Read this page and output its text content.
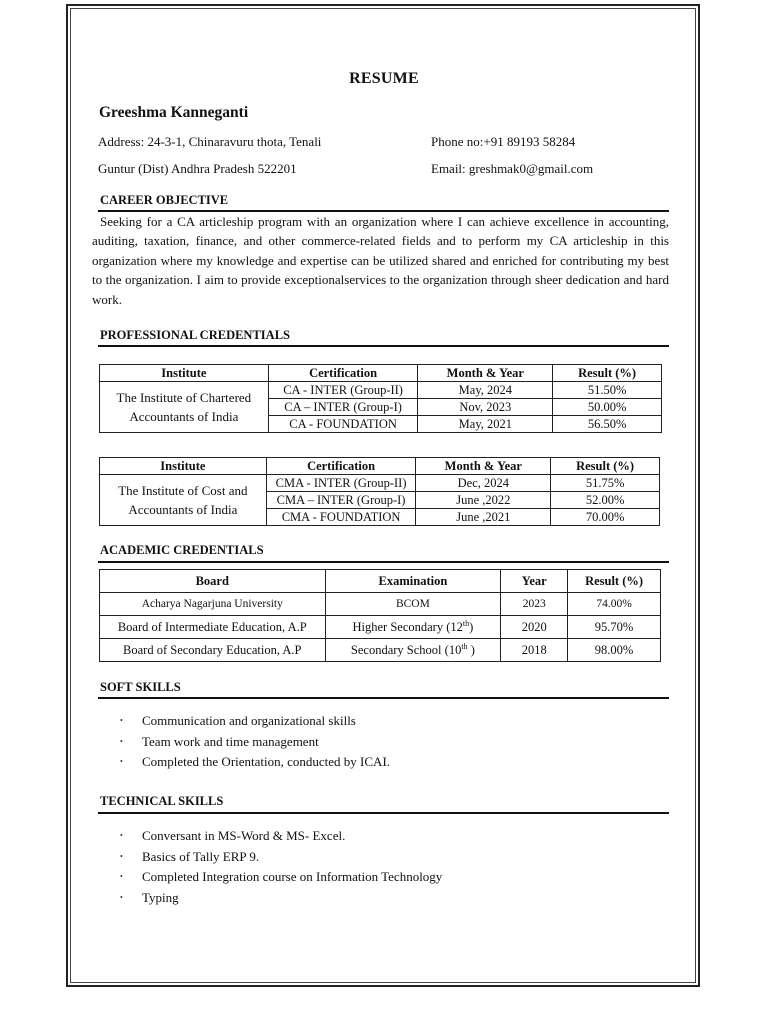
RESUME
Greeshma Kanneganti
Address: 24-3-1, Chinaravuru thota, Tenali
Guntur (Dist) Andhra Pradesh 522201
Phone no:+91 89193 58284
Email: greshmak0@gmail.com
CAREER OBJECTIVE
Seeking for a CA articleship program with an organization where I can achieve excellence in accounting, auditing, taxation, finance, and other commerce-related fields and to perform my CA articleship in this organization where my knowledge and expertise can be utilized shared and enriched for contributing my best to the organization. I aim to provide exceptionalservices to the organization through sheer dedication and hard work.
PROFESSIONAL CREDENTIALS
Institute	Certification	Month & Year	Result (%)
The Institute of Chartered
Accountants of India	CA - INTER (Group-II)	May, 2024	51.50%
	CA – INTER (Group-I)	Nov, 2023	50.00%
	CA - FOUNDATION	May, 2021	56.50%
Institute	Certification	Month & Year	Result (%)
The Institute of Cost and
Accountants of India	CMA - INTER (Group-II)	Dec, 2024	51.75%
	CMA – INTER (Group-I)	June ,2022	52.00%
	CMA - FOUNDATION	June ,2021	70.00%
ACADEMIC CREDENTIALS
Board	Examination	Year	Result (%)
Acharya Nagarjuna University	BCOM	2023	74.00%
Board of Intermediate Education, A.P	Higher Secondary (12th)	2020	95.70%
Board of Secondary Education, A.P	Secondary School (10th )	2018	98.00%
SOFT SKILLS
• Communication and organizational skills
• Team work and time management
• Completed the Orientation, conducted by ICAI.
TECHNICAL SKILLS
• Conversant in MS-Word & MS- Excel.
• Basics of Tally ERP 9.
• Completed Integration course on Information Technology
• Typing
